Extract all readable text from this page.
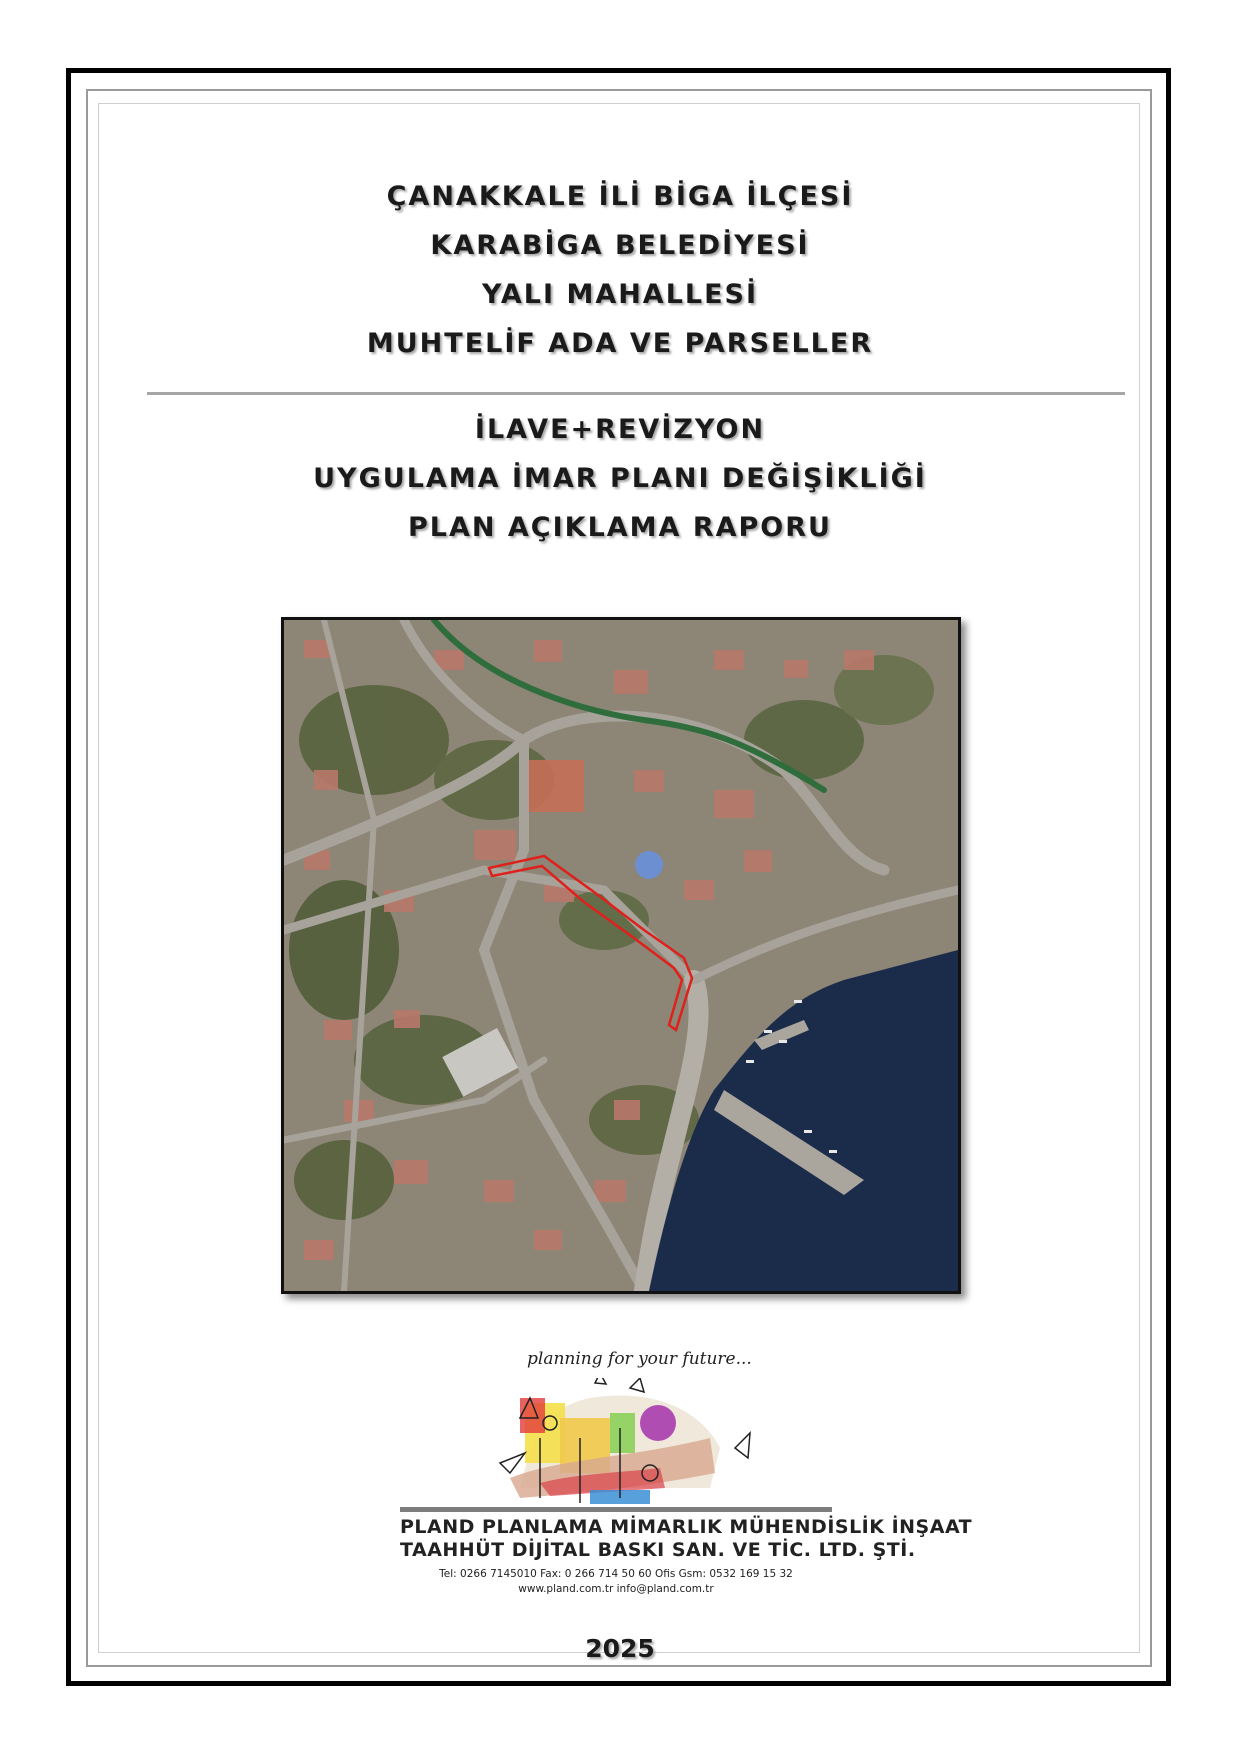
ÇANAKKALE İLİ BİGA İLÇESİ
KARABİGA BELEDİYESİ
YALI MAHALLESİ
MUHTELİF ADA VE PARSELLER
İLAVE+REVİZYON
UYGULAMA İMAR PLANI DEĞİŞİKLİĞİ
PLAN AÇIKLAMA RAPORU
planning for your future...
PLAND PLANLAMA MİMARLIK MÜHENDİSLİK İNŞAAT
TAAHHÜT DİJİTAL BASKI SAN. VE TİC. LTD. ŞTİ.
Tel: 0266 7145010 Fax: 0 266 714 50 60 Ofis Gsm: 0532 169 15 32
www.pland.com.tr info@pland.com.tr
2025
